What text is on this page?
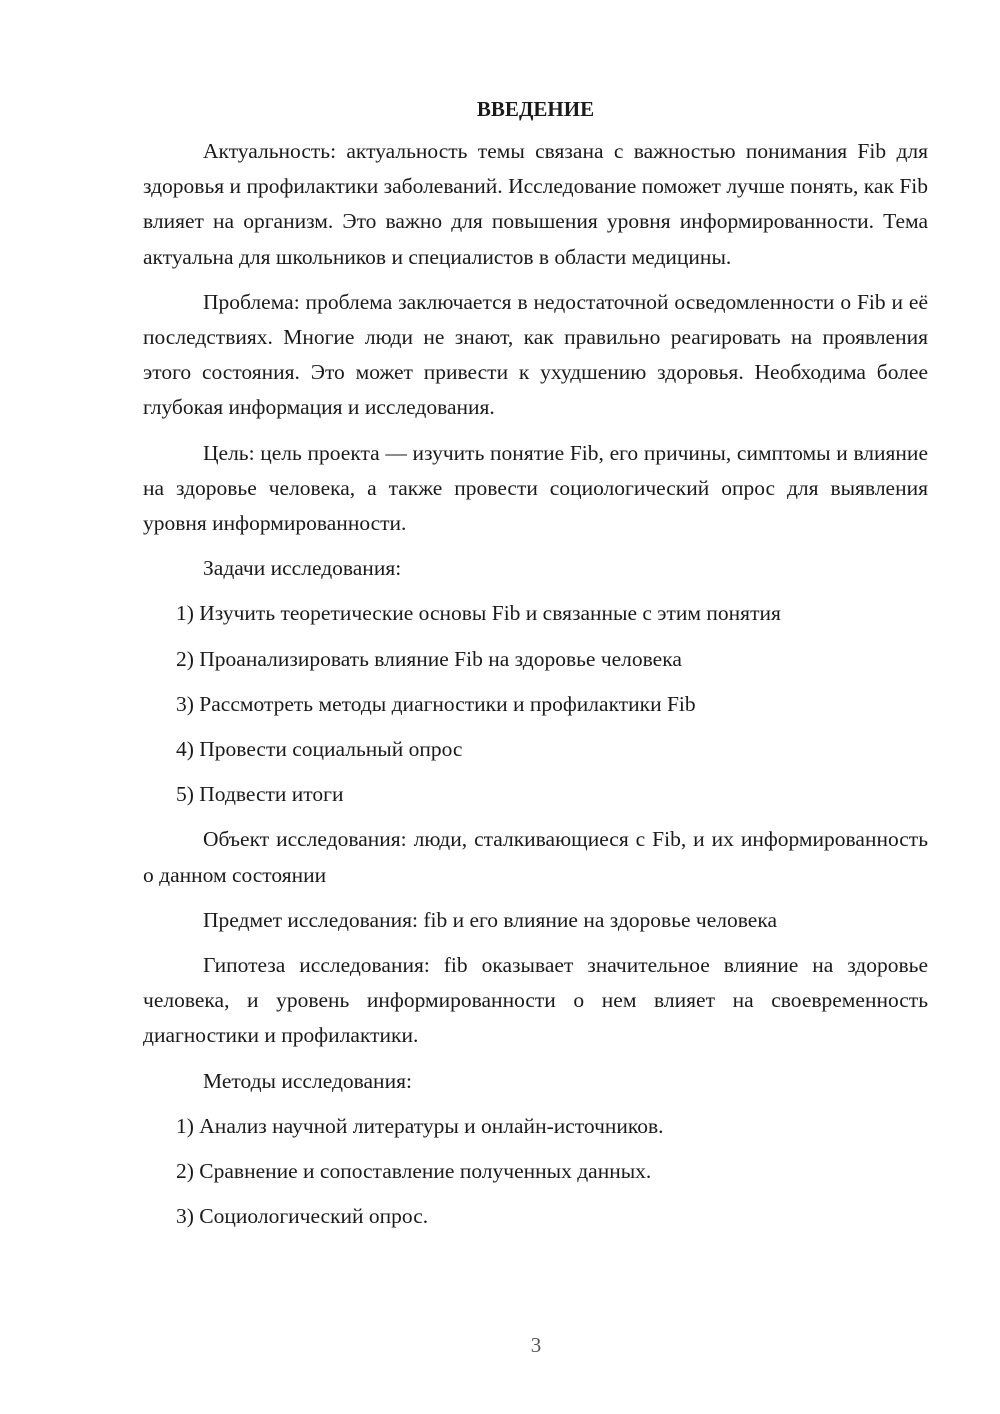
ВВЕДЕНИЕ

Актуальность: актуальность темы связана с важностью понимания Fib для здоровья и профилактики заболеваний. Исследование поможет лучше понять, как Fib влияет на организм. Это важно для повышения уровня информированности. Тема актуальна для школьников и специалистов в области медицины.

Проблема: проблема заключается в недостаточной осведомленности о Fib и её последствиях. Многие люди не знают, как правильно реагировать на проявления этого состояния. Это может привести к ухудшению здоровья. Необходима более глубокая информация и исследования.

Цель: цель проекта — изучить понятие Fib, его причины, симптомы и влияние на здоровье человека, а также провести социологический опрос для выявления уровня информированности.

Задачи исследования:

1) Изучить теоретические основы Fib и связанные с этим понятия
2) Проанализировать влияние Fib на здоровье человека
3) Рассмотреть методы диагностики и профилактики Fib
4) Провести социальный опрос
5) Подвести итоги

Объект исследования: люди, сталкивающиеся с Fib, и их информированность о данном состоянии

Предмет исследования: fib и его влияние на здоровье человека

Гипотеза исследования: fib оказывает значительное влияние на здоровье человека, и уровень информированности о нем влияет на своевременность диагностики и профилактики.

Методы исследования:

1) Анализ научной литературы и онлайн-источников.
2) Сравнение и сопоставление полученных данных.
3) Социологический опрос.
3
